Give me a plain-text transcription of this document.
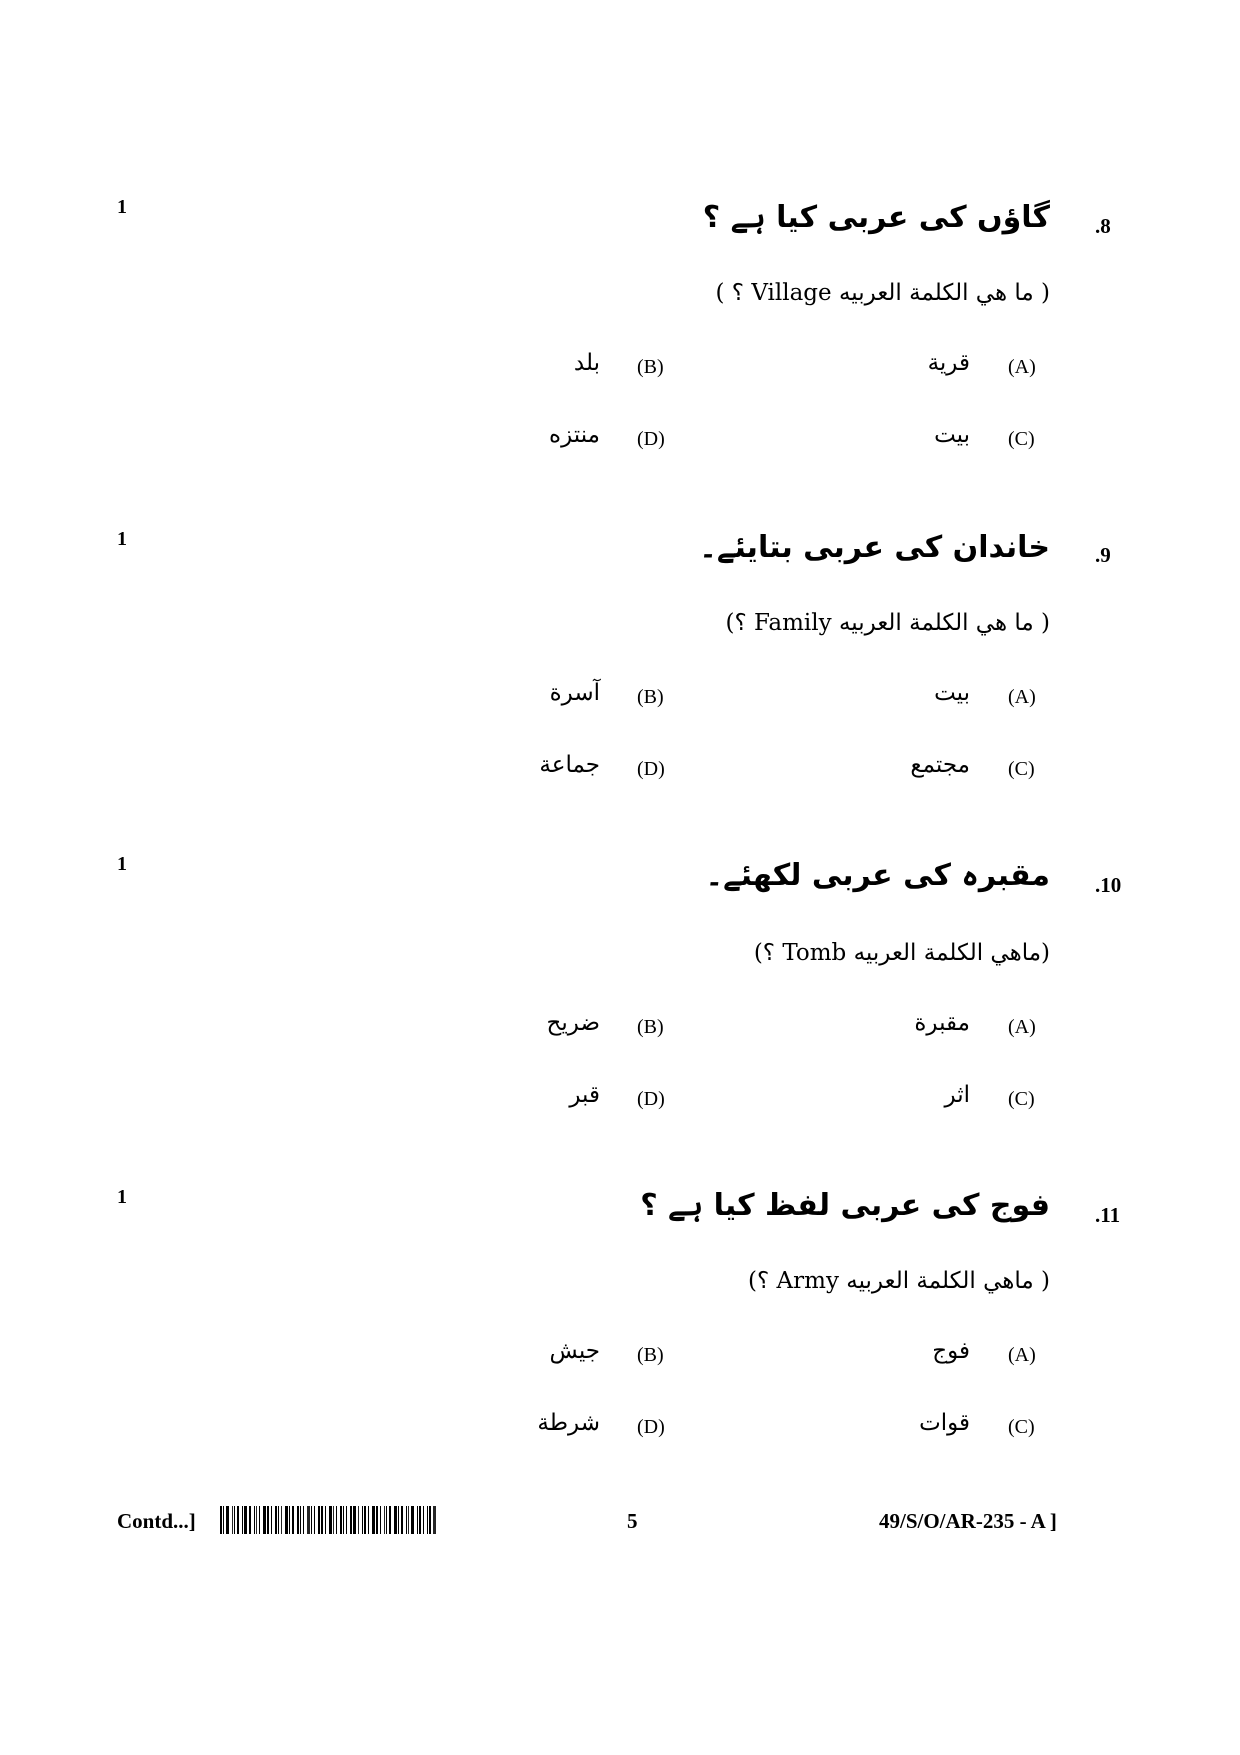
1
.8
گاؤں کی عربی کیا ہے ؟
( ما هي الكلمة العربيه Village ؟ )
(A)
قرية
(B)
بلد
(C)
بيت
(D)
منتزه
1
.9
خاندان کی عربی بتایئے۔
( ما هي الكلمة العربيه Family ؟)
(A)
بيت
(B)
آسرة
(C)
مجتمع
(D)
جماعة
1
.10
مقبرہ کی عربی لکھئے۔
(ماهي الكلمة العربيه Tomb ؟)
(A)
مقبرة
(B)
ضريح
(C)
اثر
(D)
قبر
1
.11
فوج کی عربی لفظ کیا ہے ؟
( ماهي الكلمة العربيه Army ؟)
(A)
فوج
(B)
جيش
(C)
قوات
(D)
شرطة
Contd...]	5	49/S/O/AR-235 - A ]
